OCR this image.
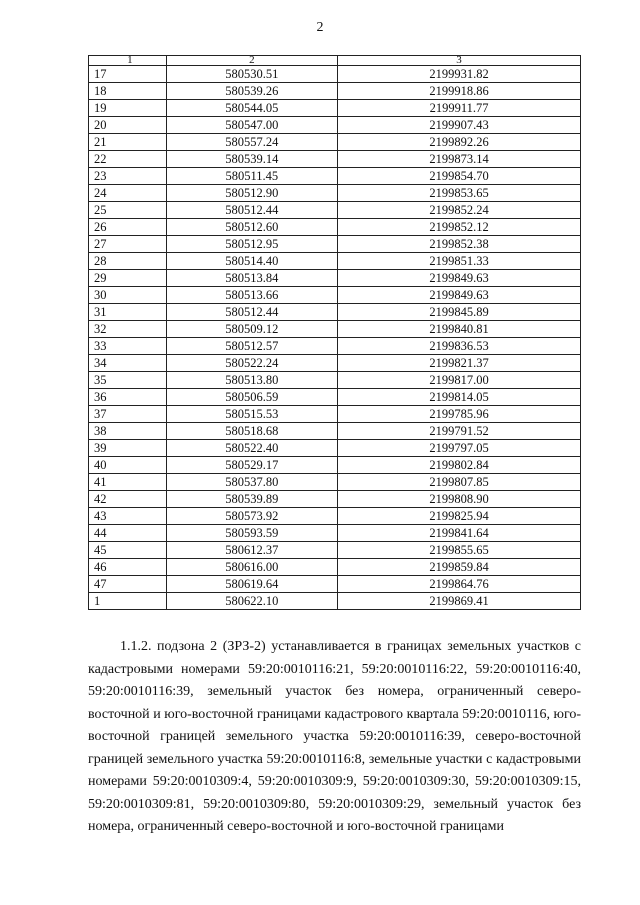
2
1	2	3
17	580530.51	2199931.82
18	580539.26	2199918.86
19	580544.05	2199911.77
20	580547.00	2199907.43
21	580557.24	2199892.26
22	580539.14	2199873.14
23	580511.45	2199854.70
24	580512.90	2199853.65
25	580512.44	2199852.24
26	580512.60	2199852.12
27	580512.95	2199852.38
28	580514.40	2199851.33
29	580513.84	2199849.63
30	580513.66	2199849.63
31	580512.44	2199845.89
32	580509.12	2199840.81
33	580512.57	2199836.53
34	580522.24	2199821.37
35	580513.80	2199817.00
36	580506.59	2199814.05
37	580515.53	2199785.96
38	580518.68	2199791.52
39	580522.40	2199797.05
40	580529.17	2199802.84
41	580537.80	2199807.85
42	580539.89	2199808.90
43	580573.92	2199825.94
44	580593.59	2199841.64
45	580612.37	2199855.65
46	580616.00	2199859.84
47	580619.64	2199864.76
1	580622.10	2199869.41

1.1.2. подзона 2 (ЗРЗ-2) устанавливается в границах земельных участков с кадастровыми номерами 59:20:0010116:21, 59:20:0010116:22, 59:20:0010116:40, 59:20:0010116:39, земельный участок без номера, ограниченный северо-восточной и юго-восточной границами кадастрового квартала 59:20:0010116, юго-восточной границей земельного участка 59:20:0010116:39, северо-восточной границей земельного участка 59:20:0010116:8, земельные участки с кадастровыми номерами 59:20:0010309:4, 59:20:0010309:9, 59:20:0010309:30, 59:20:0010309:15, 59:20:0010309:81, 59:20:0010309:80, 59:20:0010309:29, земельный участок без номера, ограниченный северо-восточной и юго-восточной границами
